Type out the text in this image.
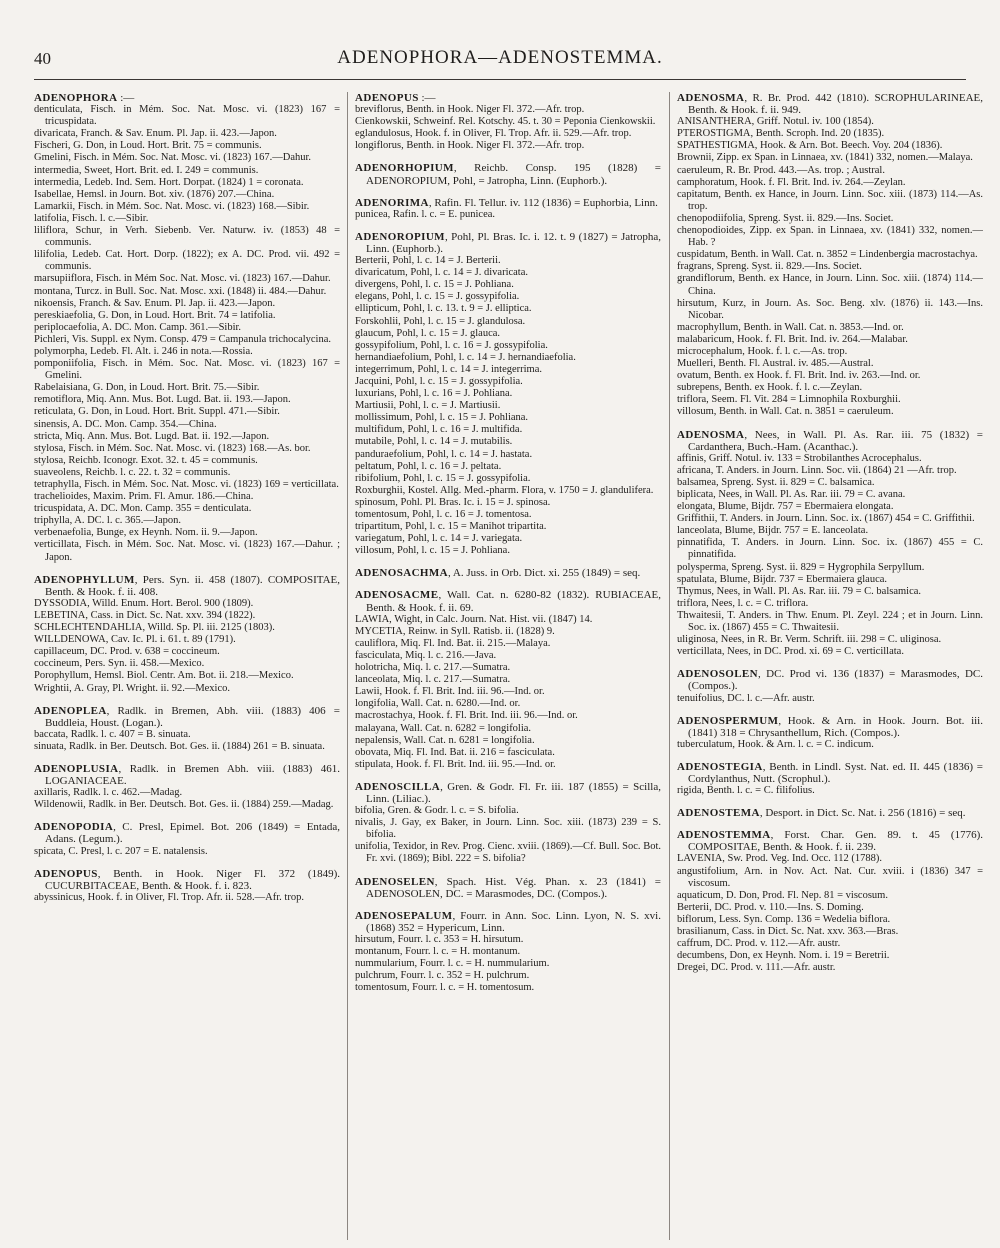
40	ADENOPHORA—ADENOSTEMMA.
ADENOPHORA :—
denticulata, Fisch. in Mém. Soc. Nat. Mosc. vi. (1823) 167 = tricuspidata.
divaricata, Franch. & Sav. Enum. Pl. Jap. ii. 423.—Japon.
Fischeri, G. Don, in Loud. Hort. Brit. 75 = communis.
Gmelini, Fisch. in Mém. Soc. Nat. Mosc. vi. (1823) 167.—Dahur.
intermedia, Sweet, Hort. Brit. ed. I. 249 = communis.
intermedia, Ledeb. Ind. Sem. Hort. Dorpat. (1824) 1 = coronata.
Isabellae, Hemsl. in Journ. Bot. xiv. (1876) 207.—China.
Lamarkii, Fisch. in Mém. Soc. Nat. Mosc. vi. (1823) 168.—Sibir.
latifolia, Fisch. l. c.—Sibir.
liliflora, Schur, in Verh. Siebenb. Ver. Naturw. iv. (1853) 48 = communis.
lilifolia, Ledeb. Cat. Hort. Dorp. (1822); ex A. DC. Prod. vii. 492 = communis.
marsupiiflora, Fisch. in Mém Soc. Nat. Mosc. vi. (1823) 167.—Dahur.
montana, Turcz. in Bull. Soc. Nat. Mosc. xxi. (1848) ii. 484.—Dahur.
nikoensis, Franch. & Sav. Enum. Pl. Jap. ii. 423.—Japon.
pereskiaefolia, G. Don, in Loud. Hort. Brit. 74 = latifolia.
periplocaefolia, A. DC. Mon. Camp. 361.—Sibir.
Pichleri, Vis. Suppl. ex Nym. Consp. 479 = Campanula trichocalycina.
polymorpha, Ledeb. Fl. Alt. i. 246 in nota.—Rossia.
pomponiifolia, Fisch. in Mém. Soc. Nat. Mosc. vi. (1823) 167 = Gmelini.
Rabelaisiana, G. Don, in Loud. Hort. Brit. 75.—Sibir.
remotiflora, Miq. Ann. Mus. Bot. Lugd. Bat. ii. 193.—Japon.
reticulata, G. Don, in Loud. Hort. Brit. Suppl. 471.—Sibir.
sinensis, A. DC. Mon. Camp. 354.—China.
stricta, Miq. Ann. Mus. Bot. Lugd. Bat. ii. 192.—Japon.
stylosa, Fisch. in Mém. Soc. Nat. Mosc. vi. (1823) 168.—As. bor.
stylosa, Reichb. Iconogr. Exot. 32. t. 45 = communis.
suaveolens, Reichb. l. c. 22. t. 32 = communis.
tetraphylla, Fisch. in Mém. Soc. Nat. Mosc. vi. (1823) 169 = verticillata.
trachelioides, Maxim. Prim. Fl. Amur. 186.—China.
tricuspidata, A. DC. Mon. Camp. 355 = denticulata.
triphylla, A. DC. l. c. 365.—Japon.
verbenaefolia, Bunge, ex Heynh. Nom. ii. 9.—Japon.
verticillata, Fisch. in Mém. Soc. Nat. Mosc. vi. (1823) 167.—Dahur. ; Japon.
ADENOPHYLLUM, Pers. Syn. ii. 458 (1807). COMPOSITAE, Benth. & Hook. f. ii. 408.
DYSSODIA, Willd. Enum. Hort. Berol. 900 (1809).
LEBETINA, Cass. in Dict. Sc. Nat. xxv. 394 (1822).
SCHLECHTENDAHLIA, Willd. Sp. Pl. iii. 2125 (1803).
WILLDENOWA, Cav. Ic. Pl. i. 61. t. 89 (1791).
capillaceum, DC. Prod. v. 638 = coccineum.
coccineum, Pers. Syn. ii. 458.—Mexico.
Porophyllum, Hemsl. Biol. Centr. Am. Bot. ii. 218.—Mexico.
Wrightii, A. Gray, Pl. Wright. ii. 92.—Mexico.
ADENOPLEA, Radlk. in Bremen, Abh. viii. (1883) 406 = Buddleia, Houst. (Logan.).
baccata, Radlk. l. c. 407 = B. sinuata.
sinuata, Radlk. in Ber. Deutsch. Bot. Ges. ii. (1884) 261 = B. sinuata.
ADENOPLUSIA, Radlk. in Bremen Abh. viii. (1883) 461. LOGANIACEAE.
axillaris, Radlk. l. c. 462.—Madag.
Wildenowii, Radlk. in Ber. Deutsch. Bot. Ges. ii. (1884) 259.—Madag.
ADENOPODIA, C. Presl, Epimel. Bot. 206 (1849) = Entada, Adans. (Legum.).
spicata, C. Presl, l. c. 207 = E. natalensis.
ADENOPUS, Benth. in Hook. Niger Fl. 372 (1849). CUCURBITACEAE, Benth. & Hook. f. i. 823.
abyssinicus, Hook. f. in Oliver, Fl. Trop. Afr. ii. 528.—Afr. trop.
ADENOPUS :—
breviflorus, Benth. in Hook. Niger Fl. 372.—Afr. trop.
Cienkowskii, Schweinf. Rel. Kotschy. 45. t. 30 = Peponia Cienkowskii.
eglandulosus, Hook. f. in Oliver, Fl. Trop. Afr. ii. 529.—Afr. trop.
longiflorus, Benth. in Hook. Niger Fl. 372.—Afr. trop.
ADENORHOPIUM, Reichb. Consp. 195 (1828) = ADENOROPIUM, Pohl, = Jatropha, Linn. (Euphorb.).
ADENORIMA, Rafin. Fl. Tellur. iv. 112 (1836) = Euphorbia, Linn.
punicea, Rafin. l. c. = E. punicea.
ADENOROPIUM, Pohl, Pl. Bras. Ic. i. 12. t. 9 (1827) = Jatropha, Linn. (Euphorb.).
Berterii, Pohl, l. c. 14 = J. Berterii.
divaricatum, Pohl, l. c. 14 = J. divaricata.
divergens, Pohl, l. c. 15 = J. Pohliana.
elegans, Pohl, l. c. 15 = J. gossypifolia.
ellipticum, Pohl, l. c. 13. t. 9 = J. elliptica.
Forskohlii, Pohl, l. c. 15 = J. glandulosa.
glaucum, Pohl, l. c. 15 = J. glauca.
gossypifolium, Pohl, l. c. 16 = J. gossypifolia.
hernandiaefolium, Pohl, l. c. 14 = J. hernandiaefolia.
integerrimum, Pohl, l. c. 14 = J. integerrima.
Jacquini, Pohl, l. c. 15 = J. gossypifolia.
luxurians, Pohl, l. c. 16 = J. Pohliana.
Martiusii, Pohl, l. c. = J. Martiusii.
mollissimum, Pohl, l. c. 15 = J. Pohliana.
multifidum, Pohl, l. c. 16 = J. multifida.
mutabile, Pohl, l. c. 14 = J. mutabilis.
panduraefolium, Pohl, l. c. 14 = J. hastata.
peltatum, Pohl, l. c. 16 = J. peltata.
ribifolium, Pohl, l. c. 15 = J. gossypifolia.
Roxburghii, Kostel. Allg. Med.-pharm. Flora, v. 1750 = J. glandulifera.
spinosum, Pohl. Pl. Bras. Ic. i. 15 = J. spinosa.
tomentosum, Pohl, l. c. 16 = J. tomentosa.
tripartitum, Pohl, l. c. 15 = Manihot tripartita.
variegatum, Pohl, l. c. 14 = J. variegata.
villosum, Pohl, l. c. 15 = J. Pohliana.
ADENOSACHMA, A. Juss. in Orb. Dict. xi. 255 (1849) = seq.
ADENOSACME, Wall. Cat. n. 6280-82 (1832). RUBIACEAE, Benth. & Hook. f. ii. 69.
LAWIA, Wight, in Calc. Journ. Nat. Hist. vii. (1847) 14.
MYCETIA, Reinw. in Syll. Ratisb. ii. (1828) 9.
cauliflora, Miq. Fl. Ind. Bat. ii. 215.—Malaya.
fasciculata, Miq. l. c. 216.—Java.
holotricha, Miq. l. c. 217.—Sumatra.
lanceolata, Miq. l. c. 217.—Sumatra.
Lawii, Hook. f. Fl. Brit. Ind. iii. 96.—Ind. or.
longifolia, Wall. Cat. n. 6280.—Ind. or.
macrostachya, Hook. f. Fl. Brit. Ind. iii. 96.—Ind. or.
malayana, Wall. Cat. n. 6282 = longifolia.
nepalensis, Wall. Cat. n. 6281 = longifolia.
obovata, Miq. Fl. Ind. Bat. ii. 216 = fasciculata.
stipulata, Hook. f. Fl. Brit. Ind. iii. 95.—Ind. or.
ADENOSCILLA, Gren. & Godr. Fl. Fr. iii. 187 (1855) = Scilla, Linn. (Liliac.).
bifolia, Gren. & Godr. l. c. = S. bifolia.
nivalis, J. Gay, ex Baker, in Journ. Linn. Soc. xiii. (1873) 239 = S. bifolia.
unifolia, Texidor, in Rev. Prog. Cienc. xviii. (1869).—Cf. Bull. Soc. Bot. Fr. xvi. (1869); Bibl. 222 = S. bifolia?
ADENOSELEN, Spach. Hist. Vég. Phan. x. 23 (1841) = ADENOSOLEN, DC. = Marasmodes, DC. (Compos.).
ADENOSEPALUM, Fourr. in Ann. Soc. Linn. Lyon, N. S. xvi. (1868) 352 = Hypericum, Linn.
hirsutum, Fourr. l. c. 353 = H. hirsutum.
montanum, Fourr. l. c. = H. montanum.
nummularium, Fourr. l. c. = H. nummularium.
pulchrum, Fourr. l. c. 352 = H. pulchrum.
tomentosum, Fourr. l. c. = H. tomentosum.
ADENOSMA, R. Br. Prod. 442 (1810). SCROPHULARINEAE, Benth. & Hook. f. ii. 949.
ANISANTHERA, Griff. Notul. iv. 100 (1854).
PTEROSTIGMA, Benth. Scroph. Ind. 20 (1835).
SPATHESTIGMA, Hook. & Arn. Bot. Beech. Voy. 204 (1836).
Brownii, Zipp. ex Span. in Linnaea, xv. (1841) 332, nomen.—Malaya.
caeruleum, R. Br. Prod. 443.—As. trop. ; Austral.
camphoratum, Hook. f. Fl. Brit. Ind. iv. 264.—Zeylan.
capitatum, Benth. ex Hance, in Journ. Linn. Soc. xiii. (1873) 114.—As. trop.
chenopodiifolia, Spreng. Syst. ii. 829.—Ins. Societ.
chenopodioides, Zipp. ex Span. in Linnaea, xv. (1841) 332, nomen.—Hab. ?
cuspidatum, Benth. in Wall. Cat. n. 3852 = Lindenbergia macrostachya.
fragrans, Spreng. Syst. ii. 829.—Ins. Societ.
grandiflorum, Benth. ex Hance, in Journ. Linn. Soc. xiii. (1874) 114.—China.
hirsutum, Kurz, in Journ. As. Soc. Beng. xlv. (1876) ii. 143.—Ins. Nicobar.
macrophyllum, Benth. in Wall. Cat. n. 3853.—Ind. or.
malabaricum, Hook. f. Fl. Brit. Ind. iv. 264.—Malabar.
microcephalum, Hook. f. l. c.—As. trop.
Muelleri, Benth. Fl. Austral. iv. 485.—Austral.
ovatum, Benth. ex Hook. f. Fl. Brit. Ind. iv. 263.—Ind. or.
subrepens, Benth. ex Hook. f. l. c.—Zeylan.
triflora, Seem. Fl. Vit. 284 = Limnophila Roxburghii.
villosum, Benth. in Wall. Cat. n. 3851 = caeruleum.
ADENOSMA, Nees, in Wall. Pl. As. Rar. iii. 75 (1832) = Cardanthera, Buch.-Ham. (Acanthac.).
affinis, Griff. Notul. iv. 133 = Strobilanthes Acrocephalus.
africana, T. Anders. in Journ. Linn. Soc. vii. (1864) 21 —Afr. trop.
balsamea, Spreng. Syst. ii. 829 = C. balsamica.
biplicata, Nees, in Wall. Pl. As. Rar. iii. 79 = C. avana.
elongata, Blume, Bijdr. 757 = Ebermaiera elongata.
Griffithii, T. Anders. in Journ. Linn. Soc. ix. (1867) 454 = C. Griffithii.
lanceolata, Blume, Bijdr. 757 = E. lanceolata.
pinnatifida, T. Anders. in Journ. Linn. Soc. ix. (1867) 455 = C. pinnatifida.
polysperma, Spreng. Syst. ii. 829 = Hygrophila Serpyllum.
spatulata, Blume, Bijdr. 737 = Ebermaiera glauca.
Thymus, Nees, in Wall. Pl. As. Rar. iii. 79 = C. balsamica.
triflora, Nees, l. c. = C. triflora.
Thwaitesii, T. Anders. in Thw. Enum. Pl. Zeyl. 224 ; et in Journ. Linn. Soc. ix. (1867) 455 = C. Thwaitesii.
uliginosa, Nees, in R. Br. Verm. Schrift. iii. 298 = C. uliginosa.
verticillata, Nees, in DC. Prod. xi. 69 = C. verticillata.
ADENOSOLEN, DC. Prod vi. 136 (1837) = Marasmodes, DC. (Compos.).
tenuifolius, DC. l. c.—Afr. austr.
ADENOSPERMUM, Hook. & Arn. in Hook. Journ. Bot. iii. (1841) 318 = Chrysanthellum, Rich. (Compos.).
tuberculatum, Hook. & Arn. l. c. = C. indicum.
ADENOSTEGIA, Benth. in Lindl. Syst. Nat. ed. II. 445 (1836) = Cordylanthus, Nutt. (Scrophul.).
rigida, Benth. l. c. = C. filifolius.
ADENOSTEMA, Desport. in Dict. Sc. Nat. i. 256 (1816) = seq.
ADENOSTEMMA, Forst. Char. Gen. 89. t. 45 (1776). COMPOSITAE, Benth. & Hook. f. ii. 239.
LAVENIA, Sw. Prod. Veg. Ind. Occ. 112 (1788).
angustifolium, Arn. in Nov. Act. Nat. Cur. xviii. i (1836) 347 = viscosum.
aquaticum, D. Don, Prod. Fl. Nep. 81 = viscosum.
Berterii, DC. Prod. v. 110.—Ins. S. Doming.
biflorum, Less. Syn. Comp. 136 = Wedelia biflora.
brasilianum, Cass. in Dict. Sc. Nat. xxv. 363.—Bras.
caffrum, DC. Prod. v. 112.—Afr. austr.
decumbens, Don, ex Heynh. Nom. i. 19 = Beretrii.
Dregei, DC. Prod. v. 111.—Afr. austr.
